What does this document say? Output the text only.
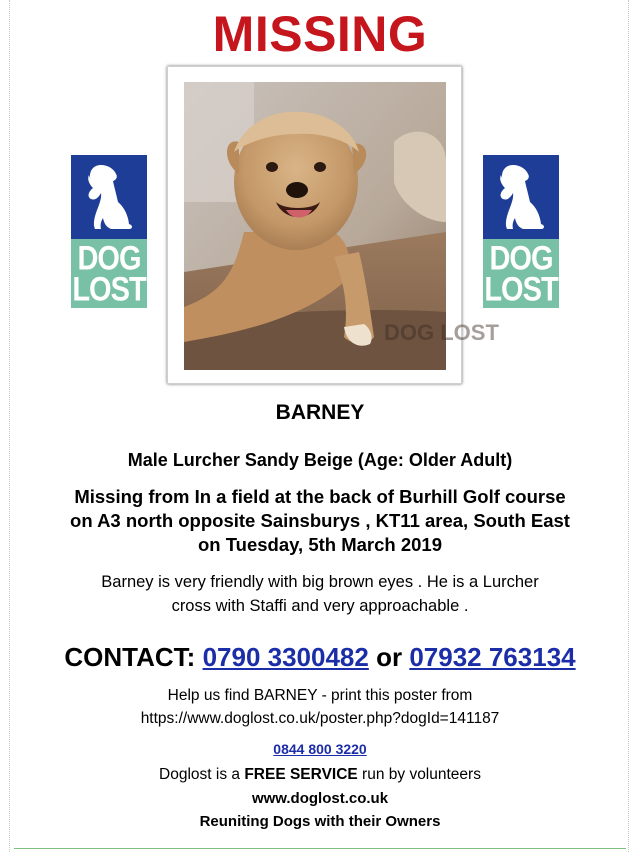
MISSING
DOG
LOST
DOG LOST
DOG
LOST
BARNEY
Male Lurcher Sandy Beige (Age: Older Adult)
Missing from In a field at the back of Burhill Golf course
on A3 north opposite Sainsburys , KT11 area, South East
on Tuesday, 5th March 2019
Barney is very friendly with big brown eyes . He is a Lurcher
cross with Staffi and very approachable .
CONTACT: 0790 3300482 or 07932 763134
Help us find BARNEY - print this poster from
https://www.doglost.co.uk/poster.php?dogId=141187
0844 800 3220
Doglost is a FREE SERVICE run by volunteers
www.doglost.co.uk
Reuniting Dogs with their Owners
